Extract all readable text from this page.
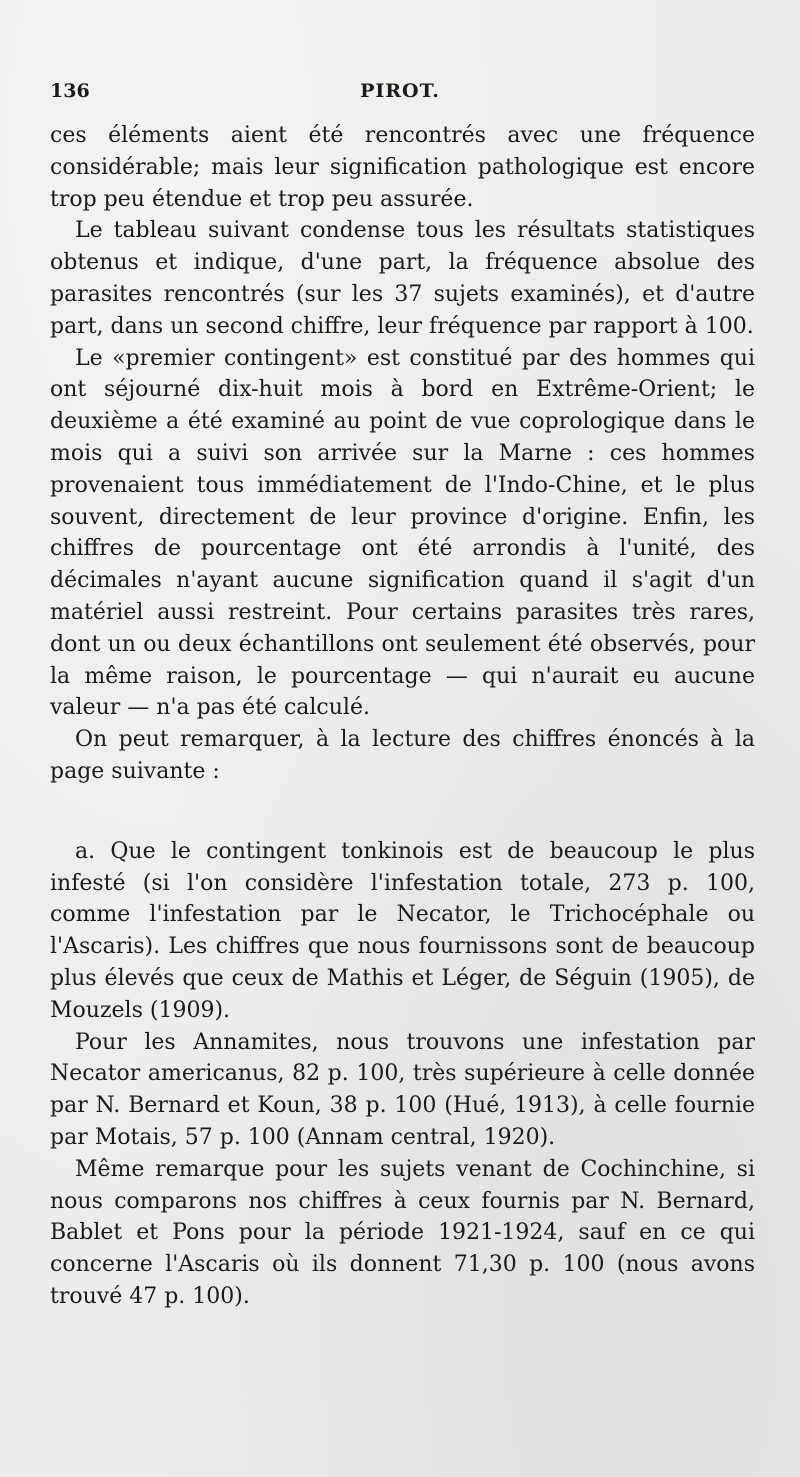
136	PIROT.

ces éléments aient été rencontrés avec une fréquence considérable; mais leur signification pathologique est encore trop peu étendue et trop peu assurée.

Le tableau suivant condense tous les résultats statistiques obtenus et indique, d'une part, la fréquence absolue des parasites rencontrés (sur les 37 sujets examinés), et d'autre part, dans un second chiffre, leur fréquence par rapport à 100.

Le «premier contingent» est constitué par des hommes qui ont séjourné dix-huit mois à bord en Extrême-Orient; le deuxième a été examiné au point de vue coprologique dans le mois qui a suivi son arrivée sur la Marne : ces hommes provenaient tous immédiatement de l'Indo-Chine, et le plus souvent, directement de leur province d'origine. Enfin, les chiffres de pourcentage ont été arrondis à l'unité, des décimales n'ayant aucune signification quand il s'agit d'un matériel aussi restreint. Pour certains parasites très rares, dont un ou deux échantillons ont seulement été observés, pour la même raison, le pourcentage — qui n'aurait eu aucune valeur — n'a pas été calculé.

On peut remarquer, à la lecture des chiffres énoncés à la page suivante :

a. Que le contingent tonkinois est de beaucoup le plus infesté (si l'on considère l'infestation totale, 273 p. 100, comme l'infestation par le Necator, le Trichocéphale ou l'Ascaris). Les chiffres que nous fournissons sont de beaucoup plus élevés que ceux de Mathis et Léger, de Séguin (1905), de Mouzels (1909).

Pour les Annamites, nous trouvons une infestation par Necator americanus, 82 p. 100, très supérieure à celle donnée par N. Bernard et Koun, 38 p. 100 (Hué, 1913), à celle fournie par Motais, 57 p. 100 (Annam central, 1920).

Même remarque pour les sujets venant de Cochinchine, si nous comparons nos chiffres à ceux fournis par N. Bernard, Bablet et Pons pour la période 1921-1924, sauf en ce qui concerne l'Ascaris où ils donnent 71,30 p. 100 (nous avons trouvé 47 p. 100).
